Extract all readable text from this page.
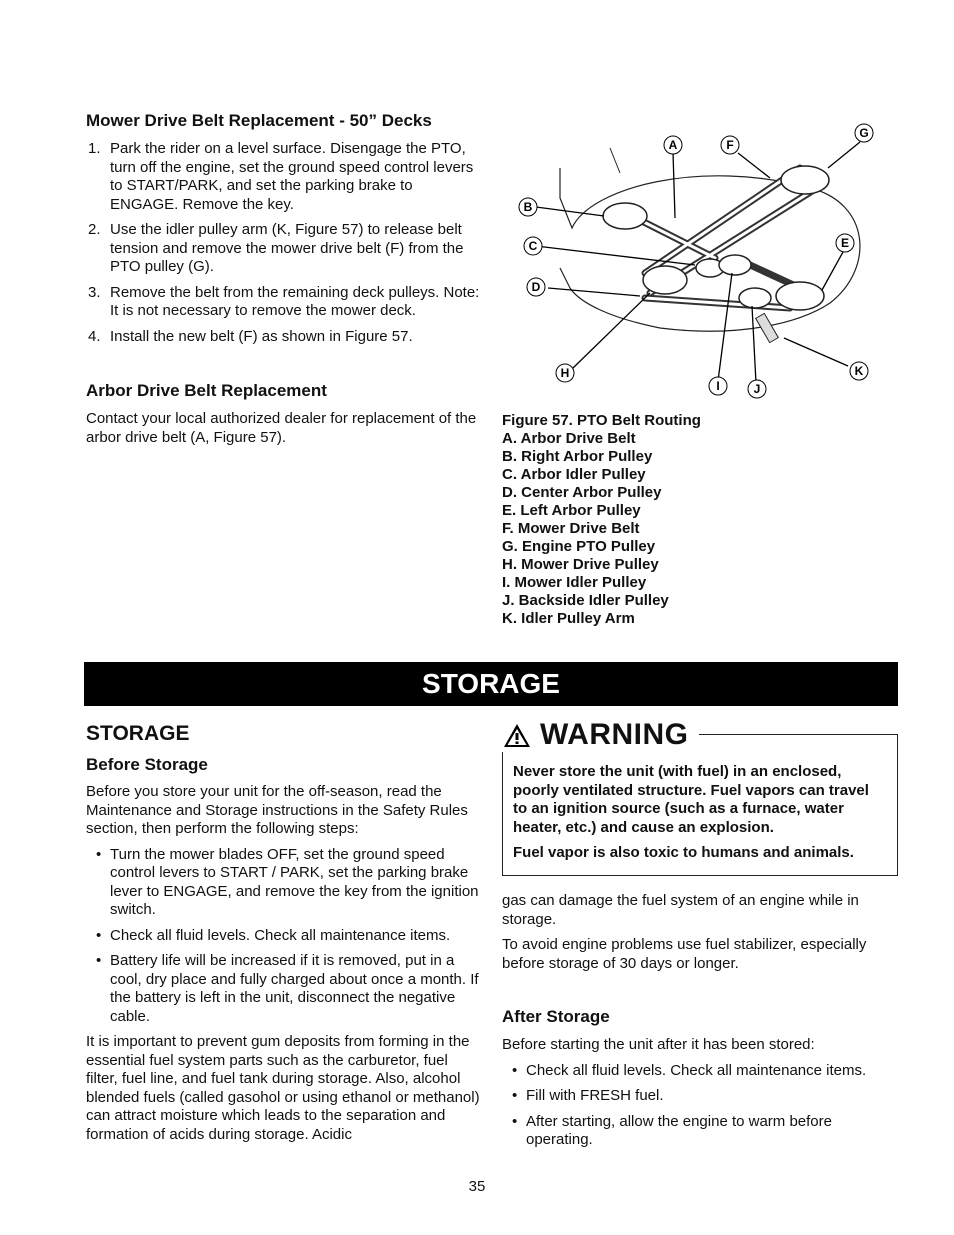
Mower Drive Belt Replacement - 50” Decks
1. Park the rider on a level surface. Disengage the PTO, turn off the engine, set the ground speed control levers to START/PARK, and set the parking brake to ENGAGE. Remove the key.
2. Use the idler pulley arm (K, Figure 57) to release belt tension and remove the mower drive belt (F) from the PTO pulley (G).
3. Remove the belt from the remaining deck pulleys. Note: It is not necessary to remove the mower deck.
4. Install the new belt (F) as shown in Figure 57.
Arbor Drive Belt Replacement

Contact your local authorized dealer for replacement of the arbor drive belt (A, Figure 57).

A
B
C
D
E
F
G
H
I	J
K
Figure 57. PTO Belt Routing
A. Arbor Drive Belt
B. Right Arbor Pulley
C. Arbor Idler Pulley
D. Center Arbor Pulley
E. Left Arbor Pulley
F. Mower Drive Belt
G. Engine PTO Pulley
H. Mower Drive Pulley
I. Mower Idler Pulley
J. Backside Idler Pulley
K. Idler Pulley Arm
STORAGE
STORAGE
Before Storage

Before you store your unit for the off-season, read the Maintenance and Storage instructions in the Safety Rules section, then perform the following steps:

• Turn the mower blades OFF, set the ground speed control levers to START / PARK, set the parking brake lever to ENGAGE, and remove the key from the ignition switch.
• Check all fluid levels. Check all maintenance items.
• Battery life will be increased if it is removed, put in a cool, dry place and fully charged about once a month. If the battery is left in the unit, disconnect the negative cable.

It is important to prevent gum deposits from forming in the essential fuel system parts such as the carburetor, fuel filter, fuel line, and fuel tank during storage. Also, alcohol blended fuels (called gasohol or using ethanol or methanol) can attract moisture which leads to the separation and formation of acids during storage. Acidic

WARNING

Never store the unit (with fuel) in an enclosed, poorly ventilated structure. Fuel vapors can travel to an ignition source (such as a furnace, water heater, etc.) and cause an explosion.

Fuel vapor is also toxic to humans and animals.

gas can damage the fuel system of an engine while in storage.

To avoid engine problems use fuel stabilizer, especially before storage of 30 days or longer.

After Storage

Before starting the unit after it has been stored:

• Check all fluid levels. Check all maintenance items.
• Fill with FRESH fuel.
• After starting, allow the engine to warm before operating.
35
